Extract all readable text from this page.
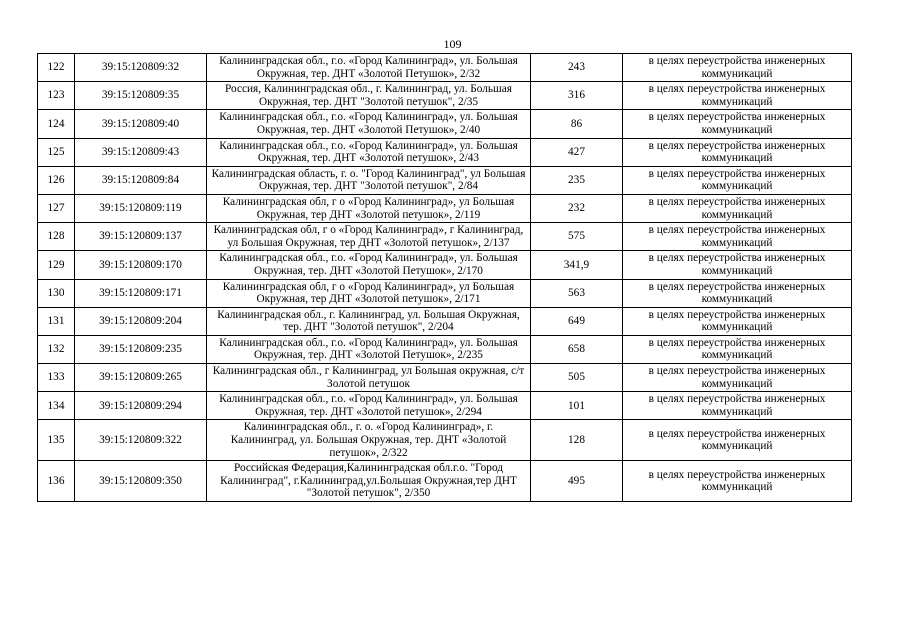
109
122	39:15:120809:32	Калининградская обл., г.о. «Город Калининград», ул. Большая Окружная, тер. ДНТ «Золотой Петушок», 2/32	243	в целях переустройства инженерных коммуникаций
123	39:15:120809:35	Россия, Калининградская обл., г. Калининград, ул. Большая Окружная, тер. ДНТ "Золотой петушок", 2/35	316	в целях переустройства инженерных коммуникаций
124	39:15:120809:40	Калининградская обл., г.о. «Город Калининград», ул. Большая Окружная, тер. ДНТ «Золотой Петушок», 2/40	86	в целях переустройства инженерных коммуникаций
125	39:15:120809:43	Калининградская обл., г.о. «Город Калининград», ул. Большая Окружная, тер. ДНТ «Золотой петушок», 2/43	427	в целях переустройства инженерных коммуникаций
126	39:15:120809:84	Калининградская область, г. о. "Город Калининград", ул Большая Окружная, тер. ДНТ "Золотой петушок", 2/84	235	в целях переустройства инженерных коммуникаций
127	39:15:120809:119	Калининградская обл, г о «Город Калининград», ул Большая Окружная, тер ДНТ «Золотой петушок», 2/119	232	в целях переустройства инженерных коммуникаций
128	39:15:120809:137	Калининградская обл, г о «Город Калининград», г Калининград, ул Большая Окружная, тер ДНТ «Золотой петушок», 2/137	575	в целях переустройства инженерных коммуникаций
129	39:15:120809:170	Калининградская обл., г.о. «Город Калининград», ул. Большая Окружная, тер. ДНТ «Золотой Петушок», 2/170	341,9	в целях переустройства инженерных коммуникаций
130	39:15:120809:171	Калининградская обл, г о «Город Калининград», ул Большая Окружная, тер ДНТ «Золотой петушок», 2/171	563	в целях переустройства инженерных коммуникаций
131	39:15:120809:204	Калининградская обл., г. Калининград, ул. Большая Окружная, тер. ДНТ "Золотой петушок", 2/204	649	в целях переустройства инженерных коммуникаций
132	39:15:120809:235	Калининградская обл., г.о. «Город Калининград», ул. Большая Окружная, тер. ДНТ «Золотой Петушок», 2/235	658	в целях переустройства инженерных коммуникаций
133	39:15:120809:265	Калининградская обл., г Калининград, ул Большая окружная, с/т Золотой петушок	505	в целях переустройства инженерных коммуникаций
134	39:15:120809:294	Калининградская обл., г.о. «Город Калининград», ул. Большая Окружная, тер. ДНТ «Золотой петушок», 2/294	101	в целях переустройства инженерных коммуникаций
135	39:15:120809:322	Калининградская обл., г. о. «Город Калининград», г. Калининград, ул. Большая Окружная, тер. ДНТ «Золотой петушок», 2/322	128	в целях переустройства инженерных коммуникаций
136	39:15:120809:350	Российская Федерация,Калининградская обл.г.о. "Город Калининград", г.Калининград,ул.Большая Окружная,тер ДНТ "Золотой петушок", 2/350	495	в целях переустройства инженерных коммуникаций
